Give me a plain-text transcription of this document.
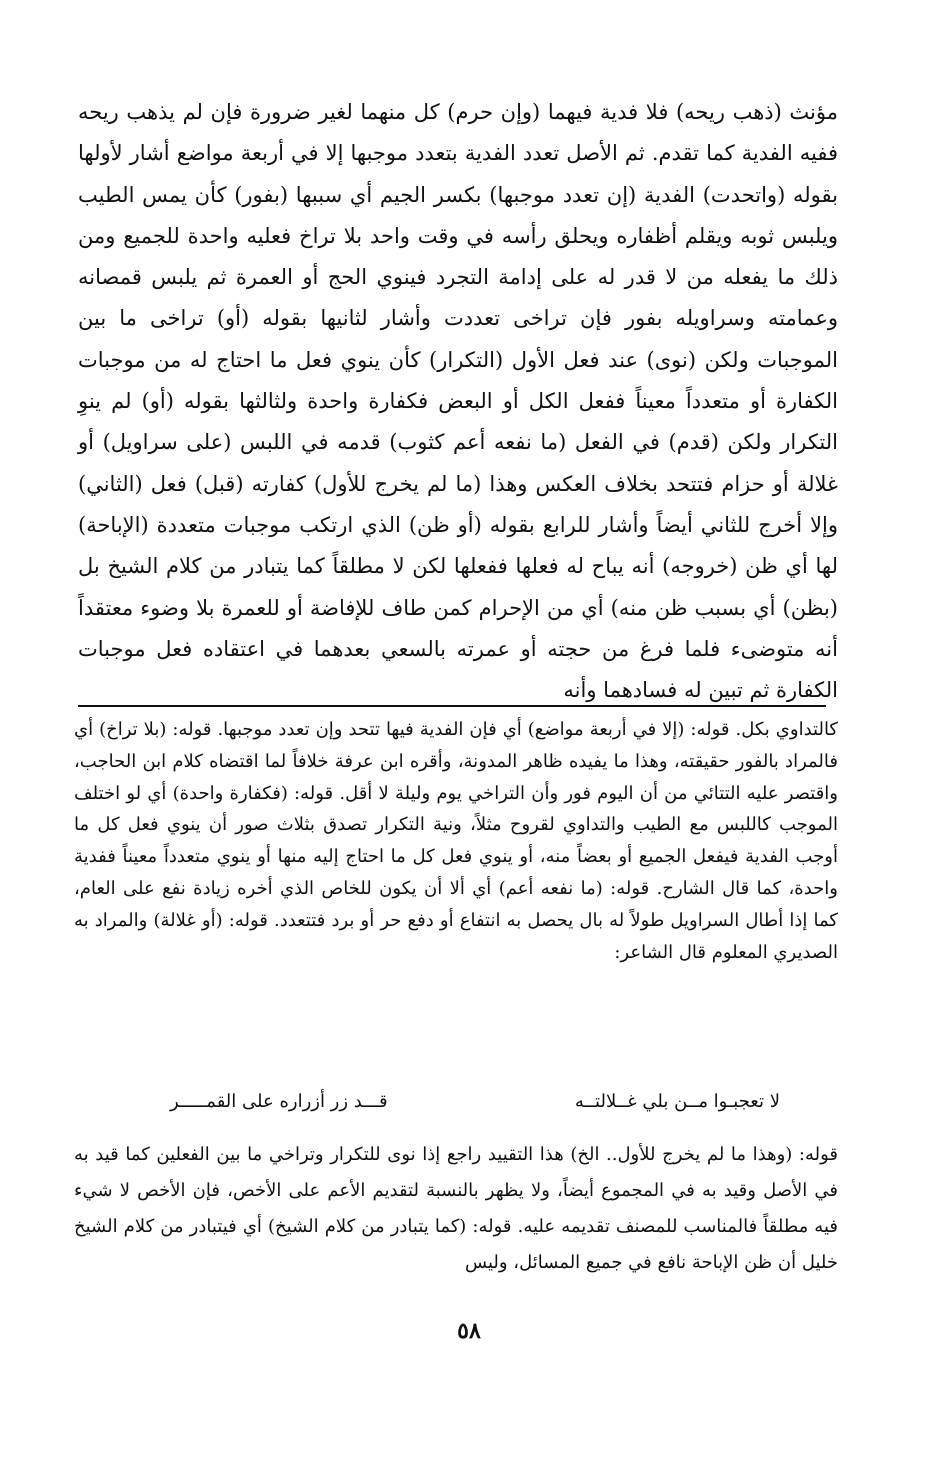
مؤنث (ذهب ريحه) فلا فدية فيهما (وإن حرم) كل منهما لغير ضرورة فإن لم يذهب ريحه ففيه الفدية كما تقدم. ثم الأصل تعدد الفدية بتعدد موجبها إلا في أربعة مواضع أشار لأولها بقوله (واتحدت) الفدية (إن تعدد موجبها) بكسر الجيم أي سببها (بفور) كأن يمس الطيب ويلبس ثوبه ويقلم أظفاره ويحلق رأسه في وقت واحد بلا تراخ فعليه واحدة للجميع ومن ذلك ما يفعله من لا قدر له على إدامة التجرد فينوي الحج أو العمرة ثم يلبس قمصانه وعمامته وسراويله بفور فإن تراخى تعددت وأشار لثانيها بقوله (أو) تراخى ما بين الموجبات ولكن (نوى) عند فعل الأول (التكرار) كأن ينوي فعل ما احتاج له من موجبات الكفارة أو متعدداً معيناً ففعل الكل أو البعض فكفارة واحدة ولثالثها بقوله (أو) لم ينوِ التكرار ولكن (قدم) في الفعل (ما نفعه أعم كثوب) قدمه في اللبس (على سراويل) أو غلالة أو حزام فتتحد بخلاف العكس وهذا (ما لم يخرج للأول) كفارته (قبل) فعل (الثاني) وإلا أخرج للثاني أيضاً وأشار للرابع بقوله (أو ظن) الذي ارتكب موجبات متعددة (الإباحة) لها أي ظن (خروجه) أنه يباح له فعلها ففعلها لكن لا مطلقاً كما يتبادر من كلام الشيخ بل (بظن) أي بسبب ظن منه) أي من الإحرام كمن طاف للإفاضة أو للعمرة بلا وضوء معتقداً أنه متوضىء فلما فرغ من حجته أو عمرته بالسعي بعدهما في اعتقاده فعل موجبات الكفارة ثم تبين له فسادهما وأنه

كالتداوي بكل. قوله: (إلا في أربعة مواضع) أي فإن الفدية فيها تتحد وإن تعدد موجبها. قوله: (بلا تراخ) أي فالمراد بالفور حقيقته، وهذا ما يفيده ظاهر المدونة، وأقره ابن عرفة خلافاً لما اقتضاه كلام ابن الحاجب، واقتصر عليه التتائي من أن اليوم فور وأن التراخي يوم وليلة لا أقل. قوله: (فكفارة واحدة) أي لو اختلف الموجب كاللبس مع الطيب والتداوي لقروح مثلاً، ونية التكرار تصدق بثلاث صور أن ينوي فعل كل ما أوجب الفدية فيفعل الجميع أو بعضاً منه، أو ينوي فعل كل ما احتاج إليه منها أو ينوي متعدداً معيناً ففدية واحدة، كما قال الشارح. قوله: (ما نفعه أعم) أي ألا أن يكون للخاص الذي أخره زيادة نفع على العام، كما إذا أطال السراويل طولاً له بال يحصل به انتفاع أو دفع حر أو برد فتتعدد. قوله: (أو غلالة) والمراد به الصديري المعلوم قال الشاعر:

لا تعجبـوا مــن بلي غــلالتــه
قـــد زر أزراره على القمـــــر

قوله: (وهذا ما لم يخرج للأول.. الخ) هذا التقييد راجع إذا نوى للتكرار وتراخي ما بين الفعلين كما قيد به في الأصل وقيد به في المجموع أيضاً، ولا يظهر بالنسبة لتقديم الأعم على الأخص، فإن الأخص لا شيء فيه مطلقاً فالمناسب للمصنف تقديمه عليه. قوله: (كما يتبادر من كلام الشيخ) أي فيتبادر من كلام الشيخ خليل أن ظن الإباحة نافع في جميع المسائل، وليس

٥٨
